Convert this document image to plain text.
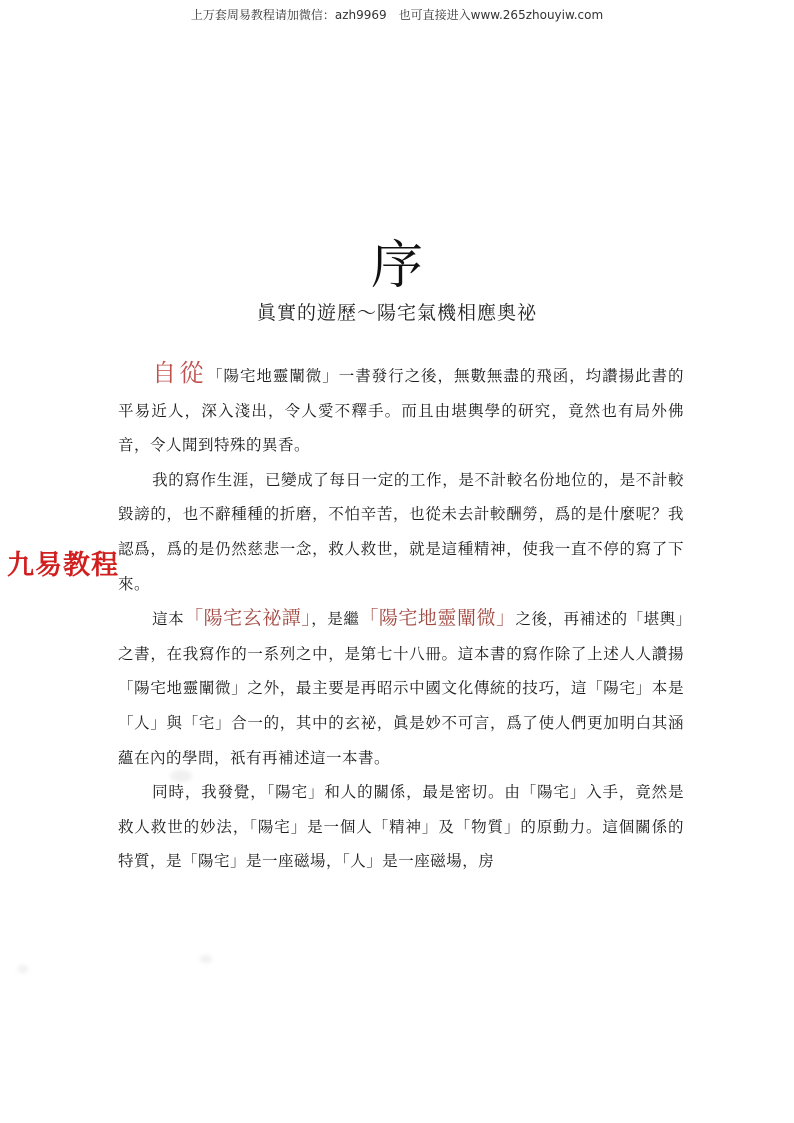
上万套周易教程请加微信：azh9969　也可直接进入www.265zhouyiw.com
序
眞實的遊歷～陽宅氣機相應奧祕

自從「陽宅地靈闡微」一書發行之後，無數無盡的飛函，均讚揚此書的平易近人，深入淺出，令人愛不釋手。而且由堪輿學的研究，竟然也有局外佛音，令人聞到特殊的異香。

我的寫作生涯，已變成了每日一定的工作，是不計較名份地位的，是不計較毀謗的，也不辭種種的折磨，不怕辛苦，也從未去計較酬勞，爲的是什麼呢？我認爲，爲的是仍然慈悲一念，救人救世，就是這種精神，使我一直不停的寫了下來。

這本「陽宅玄祕譚」，是繼「陽宅地靈闡微」之後，再補述的「堪輿」之書，在我寫作的一系列之中，是第七十八冊。這本書的寫作除了上述人人讚揚「陽宅地靈闡微」之外，最主要是再昭示中國文化傳統的技巧，這「陽宅」本是「人」與「宅」合一的，其中的玄祕，眞是妙不可言，爲了使人們更加明白其涵蘊在內的學問，祇有再補述這一本書。

同時，我發覺，「陽宅」和人的關係，最是密切。由「陽宅」入手，竟然是救人救世的妙法，「陽宅」是一個人「精神」及「物質」的原動力。這個關係的特質，是「陽宅」是一座磁場，「人」是一座磁場，房

九易教程
